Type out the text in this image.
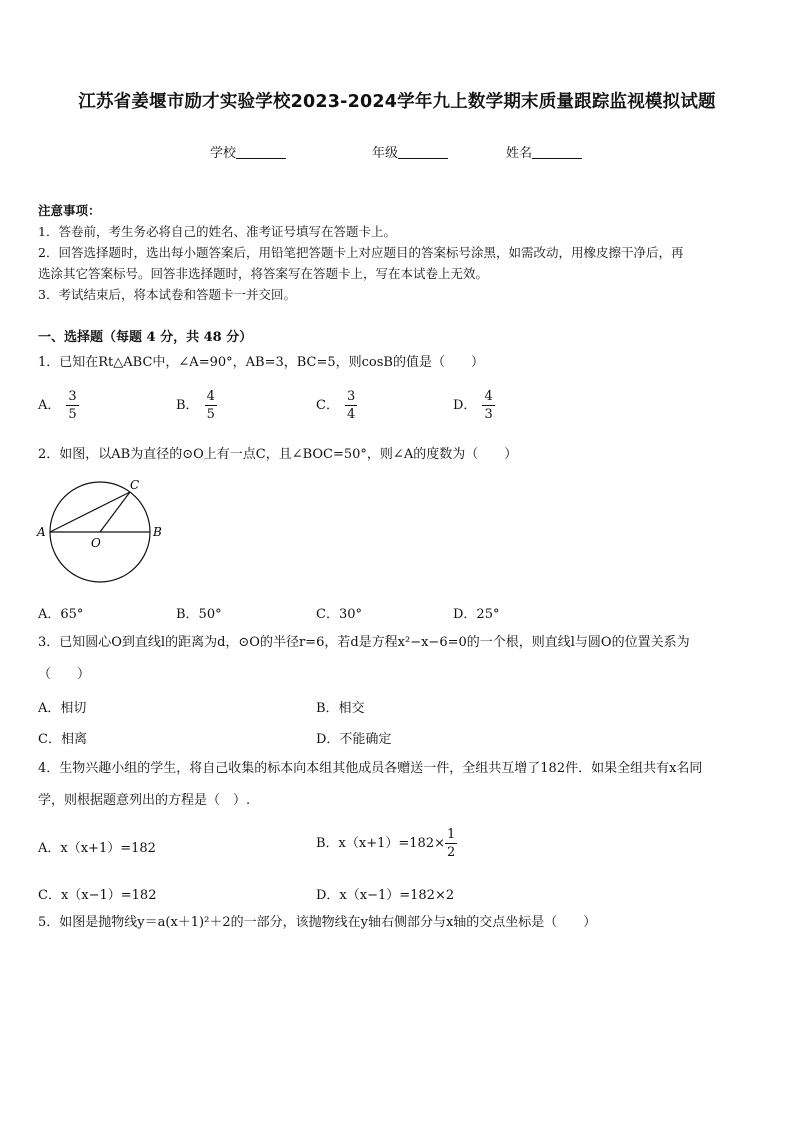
江苏省姜堰市励才实验学校2023-2024学年九上数学期末质量跟踪监视模拟试题
学校	年级	姓名
注意事项：
1．答卷前，考生务必将自己的姓名、准考证号填写在答题卡上。
2．回答选择题时，选出每小题答案后，用铅笔把答题卡上对应题目的答案标号涂黑，如需改动，用橡皮擦干净后，再
选涂其它答案标号。回答非选择题时，将答案写在答题卡上，写在本试卷上无效。
3．考试结束后，将本试卷和答题卡一并交回。
一、选择题（每题 4 分，共 48 分）
1．已知在Rt△ABC中，∠A=90°，AB=3，BC=5，则cosB的值是（　　）
A． $\frac{3}{5}$	B． $\frac{4}{5}$	C． $\frac{3}{4}$	D． $\frac{4}{3}$
2．如图，以AB为直径的⊙O上有一点C，且∠BOC=50°，则∠A的度数为（　　）
A	B
C
O
A．65°	B．50°	C．30°	D．25°
3．已知圆心O到直线l的距离为d，⊙O的半径r=6，若d是方程x²−x−6=0的一个根，则直线l与圆O的位置关系为
（　　）
A．相切	B．相交
C．相离	D．不能确定
4．生物兴趣小组的学生，将自己收集的标本向本组其他成员各赠送一件，全组共互增了182件．如果全组共有x名同
学，则根据题意列出的方程是（　）.
A．x（x+1）=182	B．$x(x+1)=182\times \frac{1}{2}$
C．x（x−1）=182	D．x（x−1）=182×2
5．如图是抛物线y＝a(x＋1)²＋2的一部分，该抛物线在y轴右侧部分与x轴的交点坐标是（　　）
